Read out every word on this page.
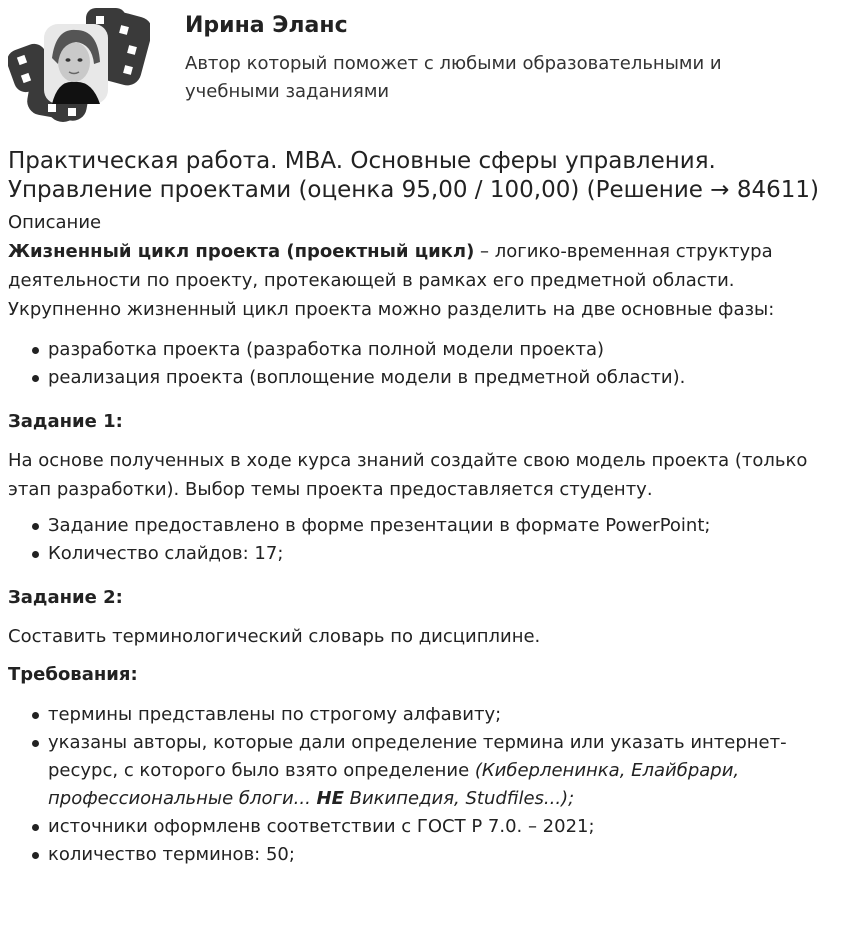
Ирина Эланс

Автор который поможет с любыми образовательными и учебными заданиями

Практическая работа. MBA. Основные сферы управления. Управление проектами (оценка 95,00 / 100,00) (Решение → 84611)
Описание

Жизненный цикл проекта (проектный цикл) – логико-временная структура деятельности по проекту, протекающей в рамках его предметной области. Укрупненно жизненный цикл проекта можно разделить на две основные фазы:

разработка проекта (разработка полной модели проекта)
реализация проекта (воплощение модели в предметной области).
Задание 1:

На основе полученных в ходе курса знаний создайте свою модель проекта (только этап разработки). Выбор темы проекта предоставляется студенту.

Задание предоставлено в форме презентации в формате PowerPoint;
Количество слайдов: 17;
Задание 2:

Составить терминологический словарь по дисциплине.

Требования:
термины представлены по строгому алфавиту;
указаны авторы, которые дали определение термина или указать интернет-ресурс, с которого было взято определение (Киберленинка, Елайбрари, профессиональные блоги... НЕ Википедия, Studfiles...);
источники оформленв соответствии с ГОСТ Р 7.0. – 2021;
количество терминов: 50;
